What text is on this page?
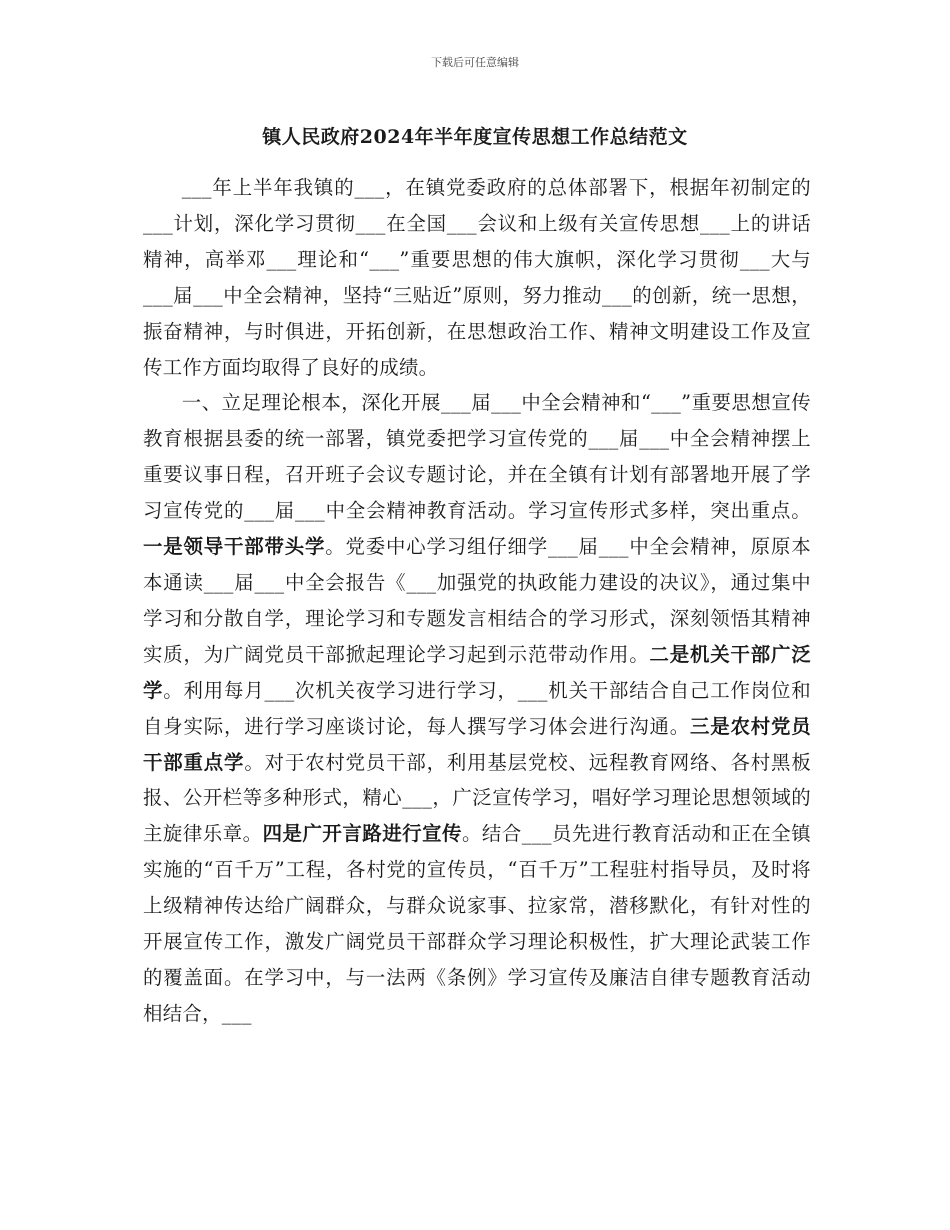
下载后可任意编辑
镇人民政府2024年半年度宣传思想工作总结范文

___年上半年我镇的___，在镇党委政府的总体部署下，根据年初制定的___计划，深化学习贯彻___在全国___会议和上级有关宣传思想___上的讲话精神，高举邓___理论和“___”重要思想的伟大旗帜，深化学习贯彻___大与___届___中全会精神，坚持“三贴近”原则，努力推动___的创新，统一思想，振奋精神，与时俱进，开拓创新，在思想政治工作、精神文明建设工作及宣传工作方面均取得了良好的成绩。

一、立足理论根本，深化开展___届___中全会精神和“___”重要思想宣传教育根据县委的统一部署，镇党委把学习宣传党的___届___中全会精神摆上重要议事日程，召开班子会议专题讨论，并在全镇有计划有部署地开展了学习宣传党的___届___中全会精神教育活动。学习宣传形式多样，突出重点。一是领导干部带头学。党委中心学习组仔细学___届___中全会精神，原原本本通读___届___中全会报告《___加强党的执政能力建设的决议》，通过集中学习和分散自学，理论学习和专题发言相结合的学习形式，深刻领悟其精神实质，为广阔党员干部掀起理论学习起到示范带动作用。二是机关干部广泛学。利用每月___次机关夜学习进行学习，___机关干部结合自己工作岗位和自身实际，进行学习座谈讨论，每人撰写学习体会进行沟通。三是农村党员干部重点学。对于农村党员干部，利用基层党校、远程教育网络、各村黑板报、公开栏等多种形式，精心___，广泛宣传学习，唱好学习理论思想领域的主旋律乐章。四是广开言路进行宣传。结合___员先进行教育活动和正在全镇实施的“百千万”工程，各村党的宣传员，“百千万”工程驻村指导员，及时将上级精神传达给广阔群众，与群众说家事、拉家常，潜移默化，有针对性的开展宣传工作，激发广阔党员干部群众学习理论积极性，扩大理论武装工作的覆盖面。在学习中，与一法两《条例》学习宣传及廉洁自律专题教育活动相结合，___
